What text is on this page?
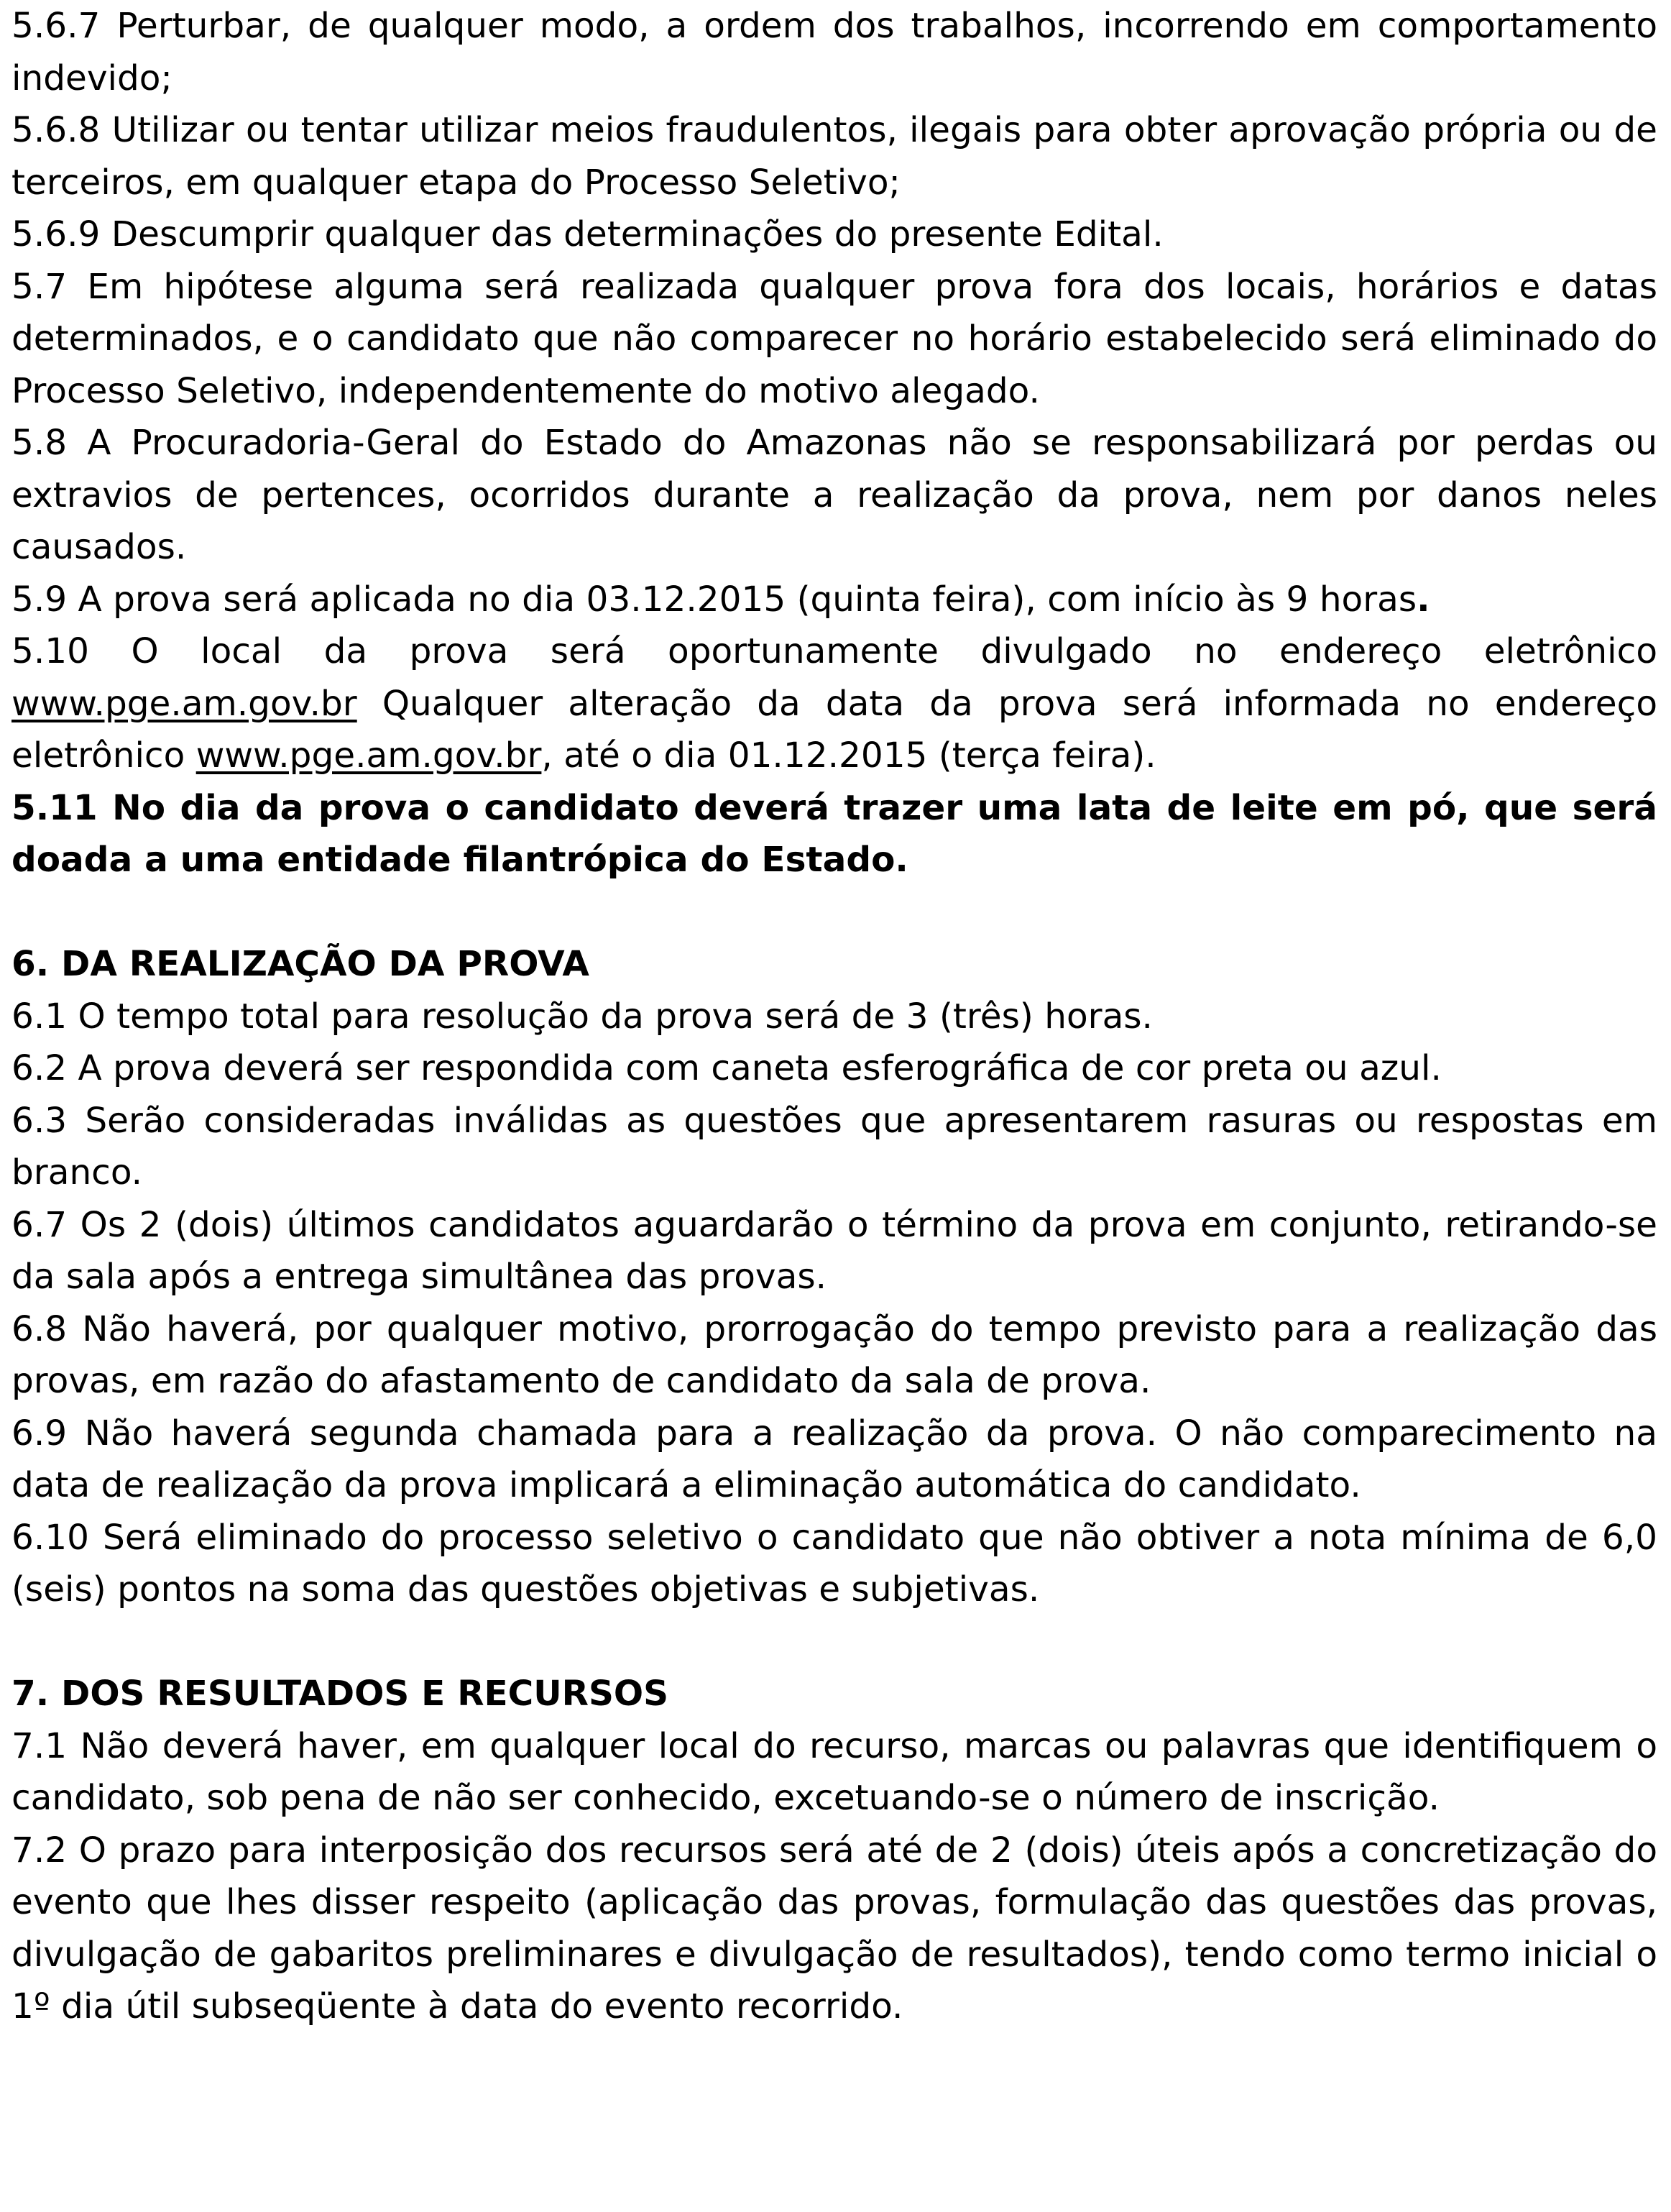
5.6.7 Perturbar, de qualquer modo, a ordem dos trabalhos, incorrendo em comportamento indevido;

5.6.8 Utilizar ou tentar utilizar meios fraudulentos, ilegais para obter aprovação própria ou de terceiros, em qualquer etapa do Processo Seletivo;

5.6.9 Descumprir qualquer das determinações do presente Edital.

5.7 Em hipótese alguma será realizada qualquer prova fora dos locais, horários e datas determinados, e o candidato que não comparecer no horário estabelecido será eliminado do Processo Seletivo, independentemente do motivo alegado.

5.8 A Procuradoria-Geral do Estado do Amazonas não se responsabilizará por perdas ou extravios de pertences, ocorridos durante a realização da prova, nem por danos neles causados.

5.9 A prova será aplicada no dia 03.12.2015 (quinta feira), com início às 9 horas.

5.10 O local da prova será oportunamente divulgado no endereço eletrônico www.pge.am.gov.br Qualquer alteração da data da prova será informada no endereço eletrônico www.pge.am.gov.br, até o dia 01.12.2015 (terça feira).

5.11 No dia da prova o candidato deverá trazer uma lata de leite em pó, que será doada a uma entidade filantrópica do Estado.

6. DA REALIZAÇÃO DA PROVA

6.1 O tempo total para resolução da prova será de 3 (três) horas.

6.2 A prova deverá ser respondida com caneta esferográfica de cor preta ou azul.

6.3 Serão consideradas inválidas as questões que apresentarem rasuras ou respostas em branco.

6.7 Os 2 (dois) últimos candidatos aguardarão o término da prova em conjunto, retirando-se da sala após a entrega simultânea das provas.

6.8 Não haverá, por qualquer motivo, prorrogação do tempo previsto para a realização das provas, em razão do afastamento de candidato da sala de prova.

6.9 Não haverá segunda chamada para a realização da prova. O não comparecimento na data de realização da prova implicará a eliminação automática do candidato.

6.10 Será eliminado do processo seletivo o candidato que não obtiver a nota mínima de 6,0 (seis) pontos na soma das questões objetivas e subjetivas.

7. DOS RESULTADOS E RECURSOS

7.1 Não deverá haver, em qualquer local do recurso, marcas ou palavras que identifiquem o candidato, sob pena de não ser conhecido, excetuando-se o número de inscrição.

7.2 O prazo para interposição dos recursos será até de 2 (dois) úteis após a concretização do evento que lhes disser respeito (aplicação das provas, formulação das questões das provas, divulgação de gabaritos preliminares e divulgação de resultados), tendo como termo inicial o 1º dia útil subseqüente à data do evento recorrido.
